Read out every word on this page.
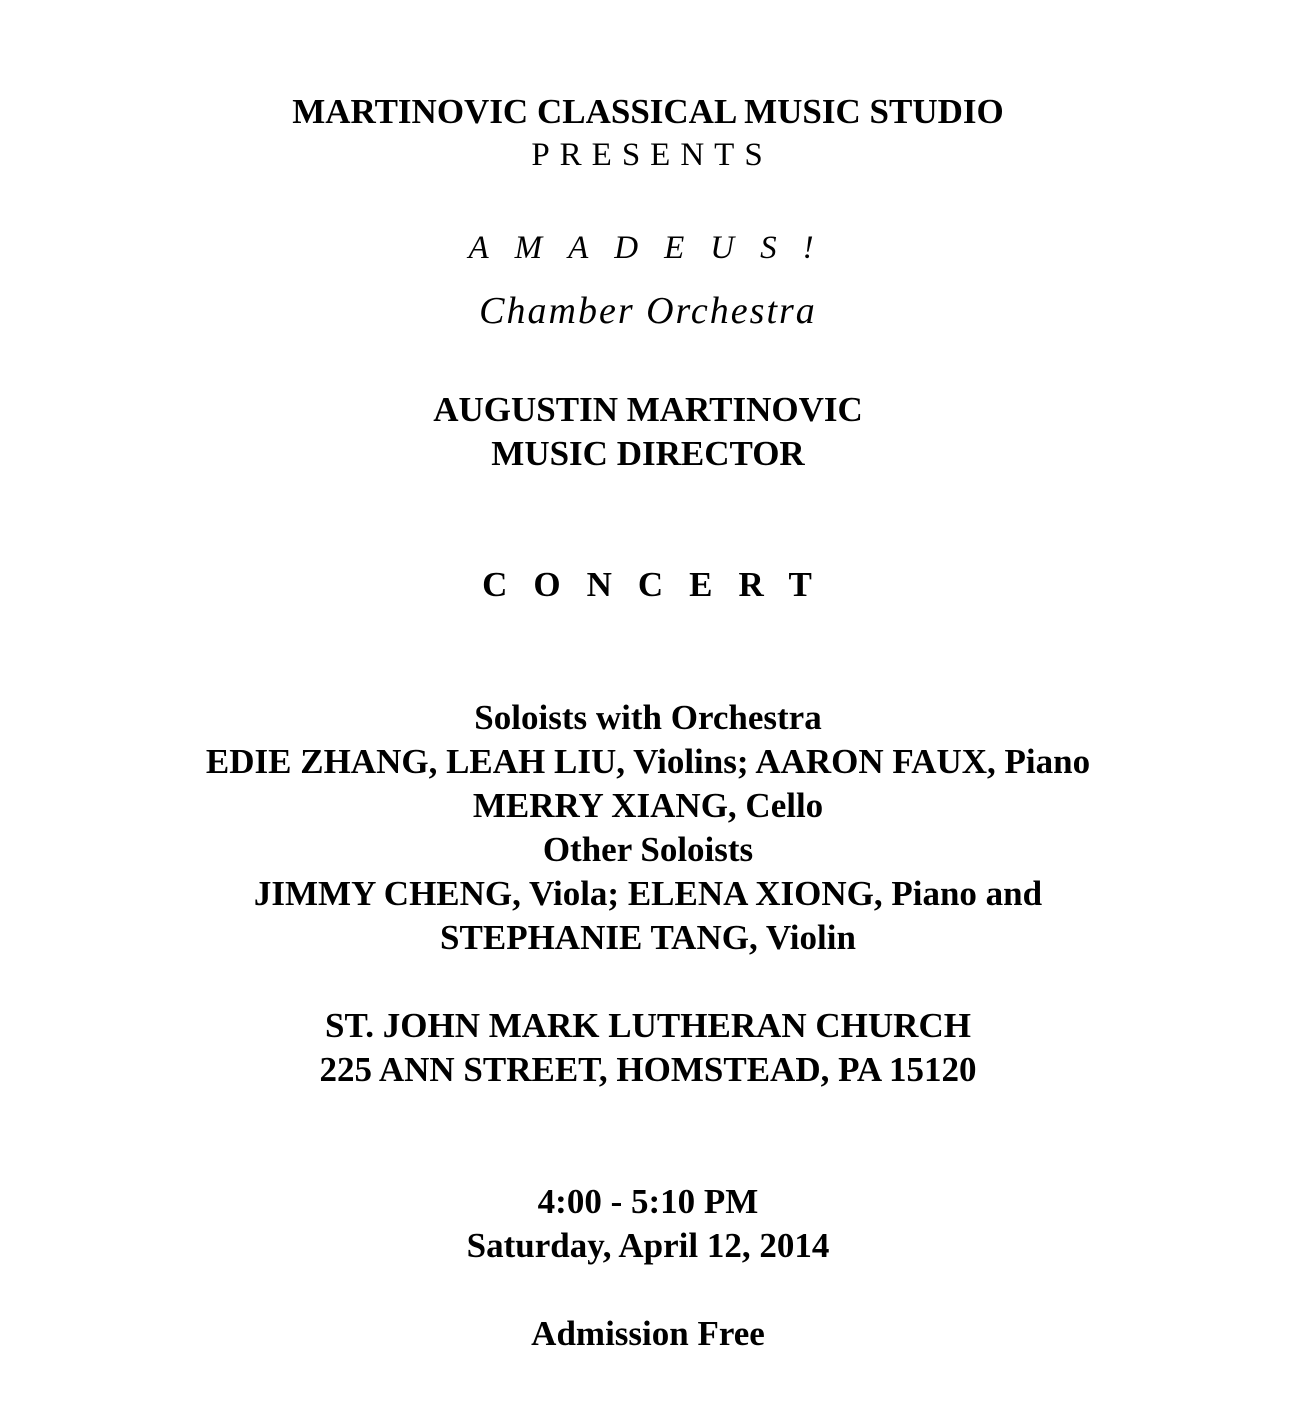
MARTINOVIC CLASSICAL MUSIC STUDIO
PRESENTS
AMADEUS!
Chamber Orchestra
AUGUSTIN MARTINOVIC
MUSIC DIRECTOR
CONCERT
Soloists with Orchestra
EDIE ZHANG, LEAH LIU, Violins; AARON FAUX, Piano
MERRY XIANG, Cello
Other Soloists
JIMMY CHENG, Viola; ELENA XIONG, Piano and
STEPHANIE TANG, Violin
ST. JOHN MARK LUTHERAN CHURCH
225 ANN STREET, HOMSTEAD, PA 15120
4:00 - 5:10 PM
Saturday, April 12, 2014
Admission Free
